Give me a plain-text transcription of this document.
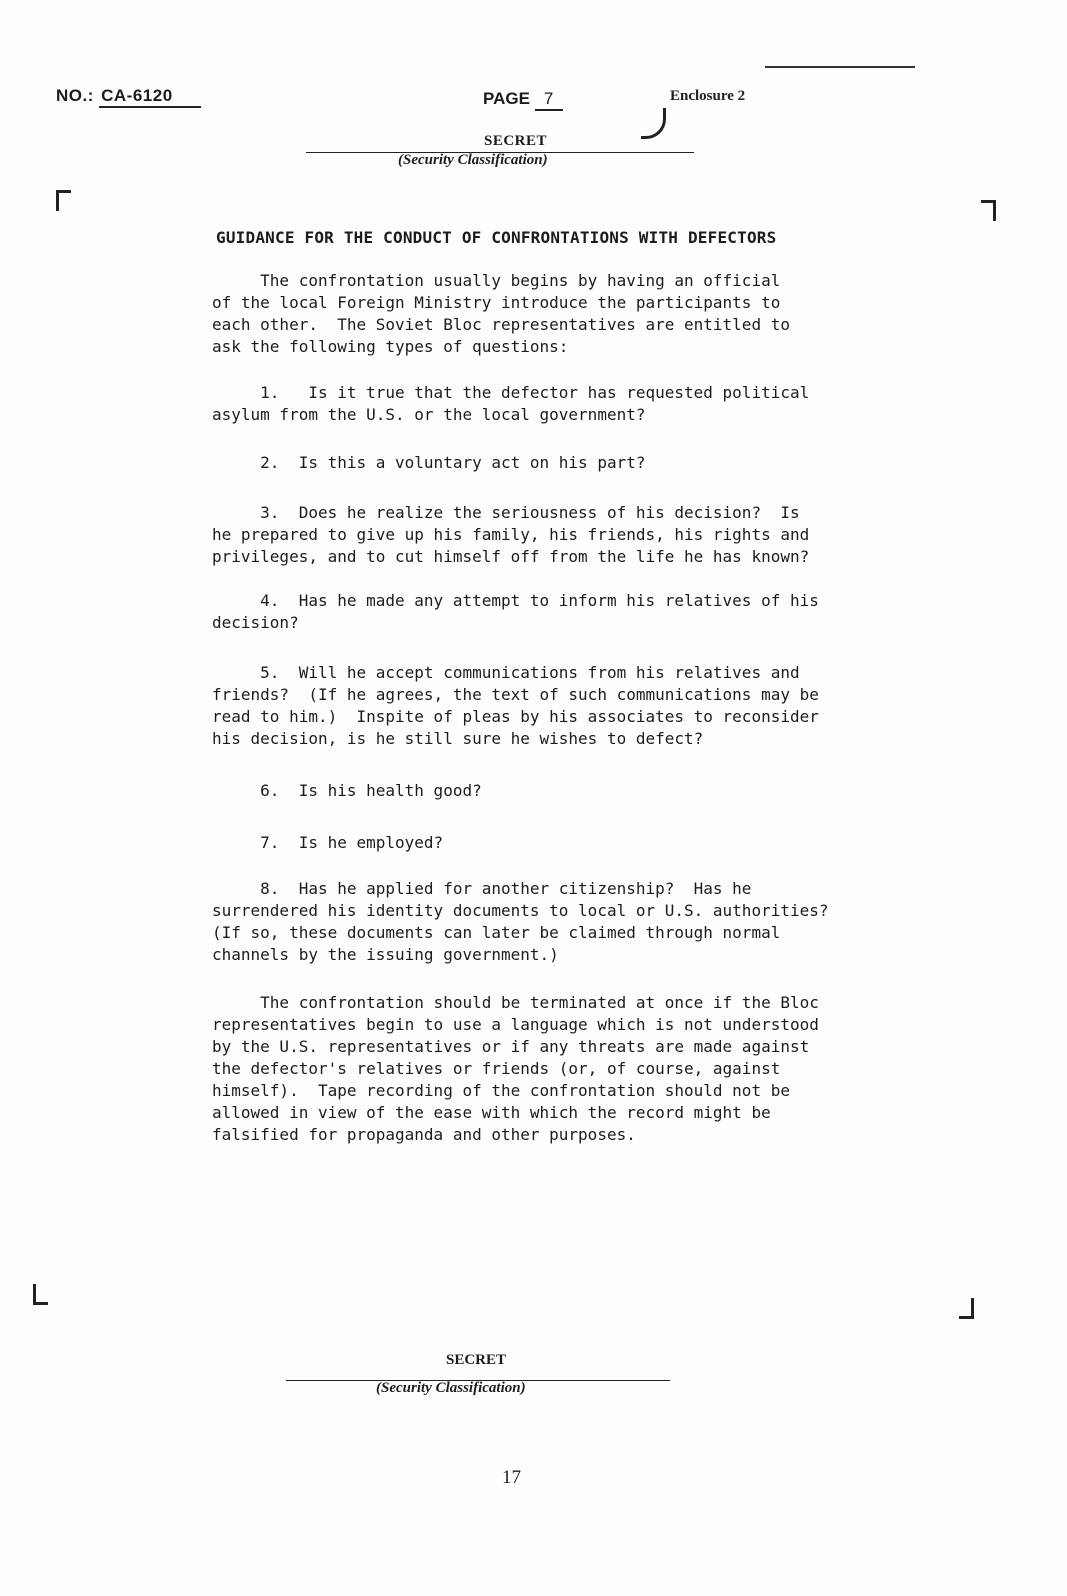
NO.: CA-6120	PAGE 7	Enclosure 2
SECRET
(Security Classification)
GUIDANCE FOR THE CONDUCT OF CONFRONTATIONS WITH DEFECTORS

The confrontation usually begins by having an official
of the local Foreign Ministry introduce the participants to
each other.  The Soviet Bloc representatives are entitled to
ask the following types of questions:

1.   Is it true that the defector has requested political
asylum from the U.S. or the local government?

2.  Is this a voluntary act on his part?

3.  Does he realize the seriousness of his decision?  Is
he prepared to give up his family, his friends, his rights and
privileges, and to cut himself off from the life he has known?

4.  Has he made any attempt to inform his relatives of his
decision?

5.  Will he accept communications from his relatives and
friends?  (If he agrees, the text of such communications may be
read to him.)  Inspite of pleas by his associates to reconsider
his decision, is he still sure he wishes to defect?

6.  Is his health good?

7.  Is he employed?

8.  Has he applied for another citizenship?  Has he
surrendered his identity documents to local or U.S. authorities?
(If so, these documents can later be claimed through normal
channels by the issuing government.)

The confrontation should be terminated at once if the Bloc
representatives begin to use a language which is not understood
by the U.S. representatives or if any threats are made against
the defector's relatives or friends (or, of course, against
himself).  Tape recording of the confrontation should not be
allowed in view of the ease with which the record might be
falsified for propaganda and other purposes.

SECRET
(Security Classification)
17
